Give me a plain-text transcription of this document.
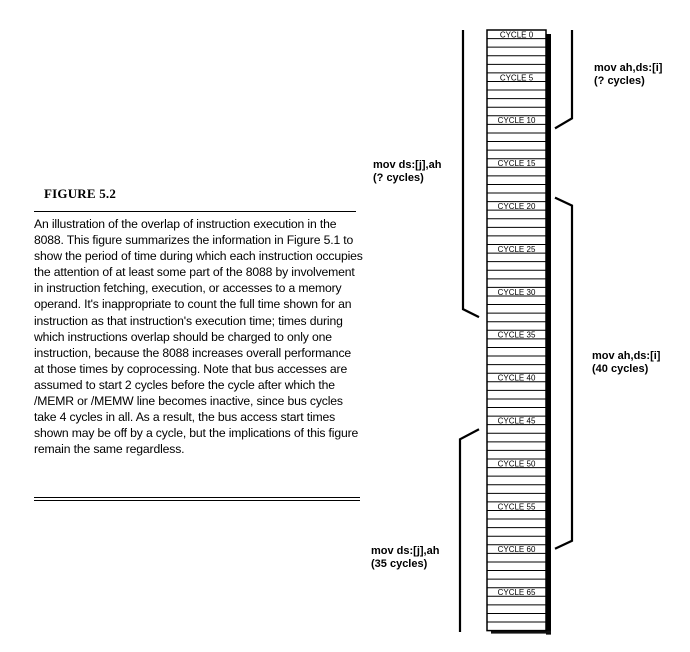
FIGURE 5.2
An illustration of the overlap of instruction execution in the 8088. This figure summarizes the information in Figure 5.1 to show the period of time during which each instruction occupies the attention of at least some part of the 8088 by involvement in instruction fetching, execution, or accesses to a memory operand. It's inappropriate to count the full time shown for an instruction as that instruction's execution time; times during which instructions overlap should be charged to only one instruction, because the 8088 increases overall performance at those times by coprocessing. Note that bus accesses are assumed to start 2 cycles before the cycle after which the /MEMR or /MEMW line becomes inactive, since bus cycles take 4 cycles in all. As a result, the bus access start times shown may be off by a cycle, but the implications of this figure remain the same regardless.
CYCLE 0
CYCLE 5
CYCLE 10
CYCLE 15
CYCLE 20
CYCLE 25
CYCLE 30
CYCLE 35
CYCLE 40
CYCLE 45
CYCLE 50
CYCLE 55
CYCLE 60
CYCLE 65
mov ah,ds:[i]
(? cycles)
mov ds:[j],ah
(? cycles)
mov ah,ds:[i]
(40 cycles)
mov ds:[j],ah
(35 cycles)
